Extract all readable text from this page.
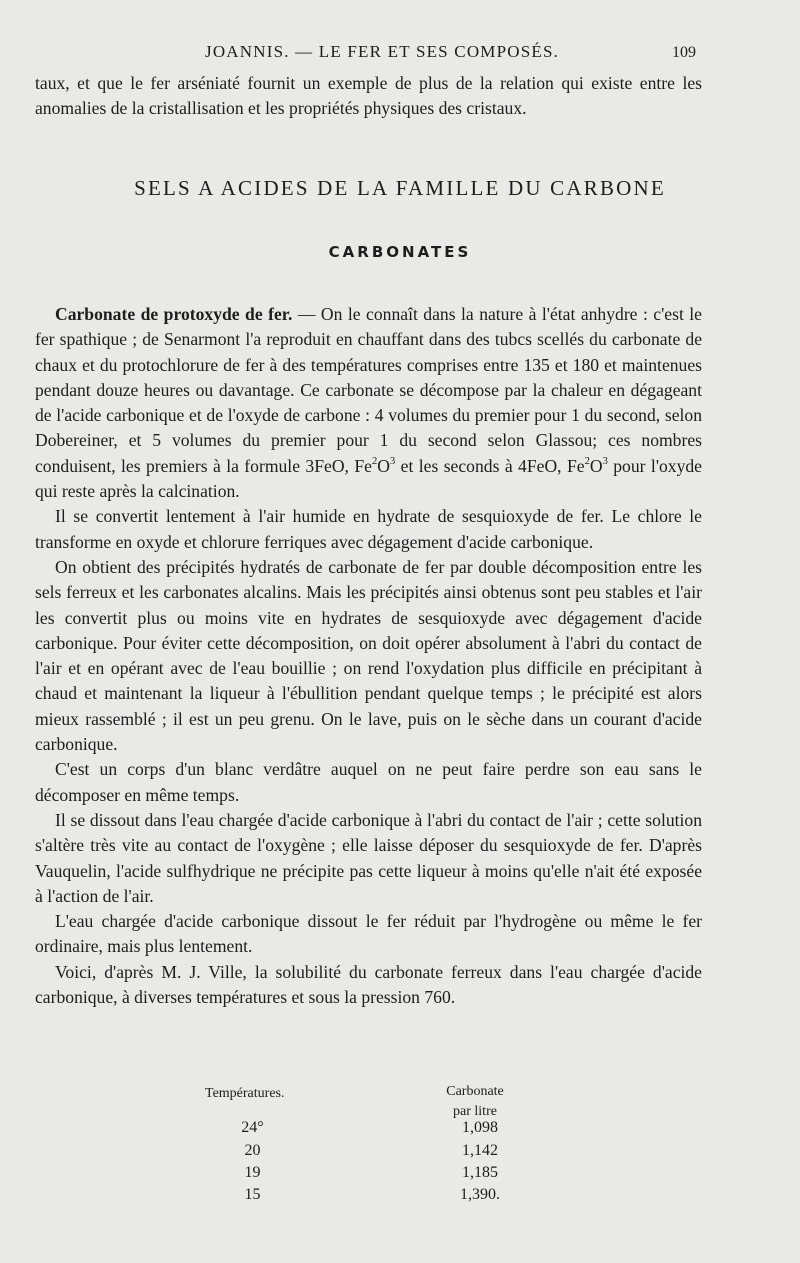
JOANNIS. — LE FER ET SES COMPOSÉS.	109

taux, et que le fer arséniaté fournit un exemple de plus de la relation qui existe entre les anomalies de la cristallisation et les propriétés physiques des cristaux.

SELS A ACIDES DE LA FAMILLE DU CARBONE
CARBONATES

Carbonate de protoxyde de fer. — On le connaît dans la nature à l'état anhydre : c'est le fer spathique ; de Senarmont l'a reproduit en chauffant dans des tubcs scellés du carbonate de chaux et du protochlorure de fer à des températures comprises entre 135 et 180 et maintenues pendant douze heures ou davantage. Ce carbonate se décompose par la chaleur en dégageant de l'acide carbonique et de l'oxyde de carbone : 4 volumes du premier pour 1 du second, selon Dobereiner, et 5 volumes du premier pour 1 du second selon Glassou; ces nombres conduisent, les premiers à la formule 3FeO, $Fe^2O^3$ et les seconds à 4FeO, $Fe^2O^3$ pour l'oxyde qui reste après la calcination.

Il se convertit lentement à l'air humide en hydrate de sesquioxyde de fer. Le chlore le transforme en oxyde et chlorure ferriques avec dégagement d'acide carbonique.

On obtient des précipités hydratés de carbonate de fer par double décomposition entre les sels ferreux et les carbonates alcalins. Mais les précipités ainsi obtenus sont peu stables et l'air les convertit plus ou moins vite en hydrates de sesquioxyde avec dégagement d'acide carbonique. Pour éviter cette décomposition, on doit opérer absolument à l'abri du contact de l'air et en opérant avec de l'eau bouillie ; on rend l'oxydation plus difficile en précipitant à chaud et maintenant la liqueur à l'ébullition pendant quelque temps ; le précipité est alors mieux rassemblé ; il est un peu grenu. On le lave, puis on le sèche dans un courant d'acide carbonique.

C'est un corps d'un blanc verdâtre auquel on ne peut faire perdre son eau sans le décomposer en même temps.

Il se dissout dans l'eau chargée d'acide carbonique à l'abri du contact de l'air ; cette solution s'altère très vite au contact de l'oxygène ; elle laisse déposer du sesquioxyde de fer. D'après Vauquelin, l'acide sulfhydrique ne précipite pas cette liqueur à moins qu'elle n'ait été exposée à l'action de l'air.

L'eau chargée d'acide carbonique dissout le fer réduit par l'hydrogène ou même le fer ordinaire, mais plus lentement.

Voici, d'après M. J. Ville, la solubilité du carbonate ferreux dans l'eau chargée d'acide carbonique, à diverses températures et sous la pression 760.

Températures.	Carbonate
par litre
24°	1,098
20	1,142
19	1,185
15	1,390.
